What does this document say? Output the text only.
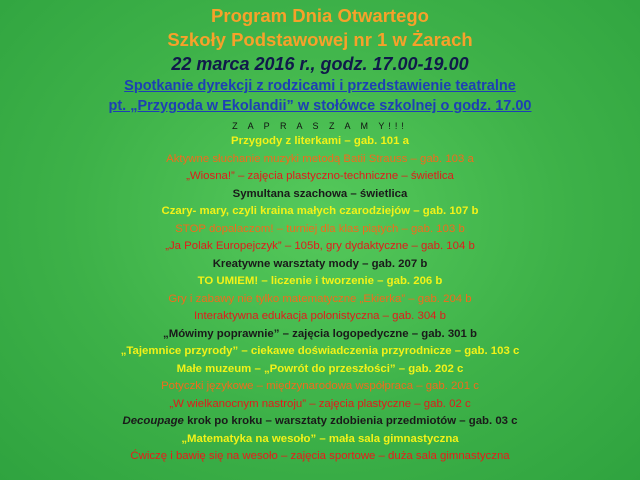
Program Dnia Otwartego

Szkoły Podstawowej nr 1 w Żarach

22 marca 2016 r., godz. 17.00-19.00

Spotkanie dyrekcji z rodzicami i przedstawienie teatralne

pt. „Przygoda w Ekolandii” w stołówce szkolnej o godz. 17.00

Z A P R A S Z A M Y!!!

Przygody z literkami – gab. 101 a
Aktywne słuchanie muzyki metodą Batii Strauss – gab. 103 a
„Wiosna!” – zajęcia plastyczno-techniczne – świetlica
Symultana szachowa – świetlica
Czary- mary, czyli kraina małych czarodziejów – gab. 107 b
STOP dopalaczom! – turniej dla klas piątych – gab. 103 b
„Ja Polak Europejczyk” – 105b, gry dydaktyczne – gab. 104 b
Kreatywne warsztaty mody – gab. 207 b
TO UMIEM! – liczenie i tworzenie – gab. 206 b
Gry i zabawy nie tylko matematyczne „Ekierka” – gab. 204 b
Interaktywna edukacja polonistyczna – gab. 304 b
„Mówimy poprawnie” – zajęcia logopedyczne – gab. 301 b
„Tajemnice przyrody” – ciekawe doświadczenia przyrodnicze – gab. 103 c
Małe muzeum – „Powrót do przeszłości” – gab. 202 c
Potyczki językowe – międzynarodowa współpraca – gab. 201 c
„W wielkanocnym nastroju” – zajęcia plastyczne – gab. 02 c
Decoupage krok po kroku – warsztaty zdobienia przedmiotów – gab. 03 c
„Matematyka na wesoło” – mała sala gimnastyczna
Ćwiczę i bawię się na wesoło – zajęcia sportowe – duża sala gimnastyczna
